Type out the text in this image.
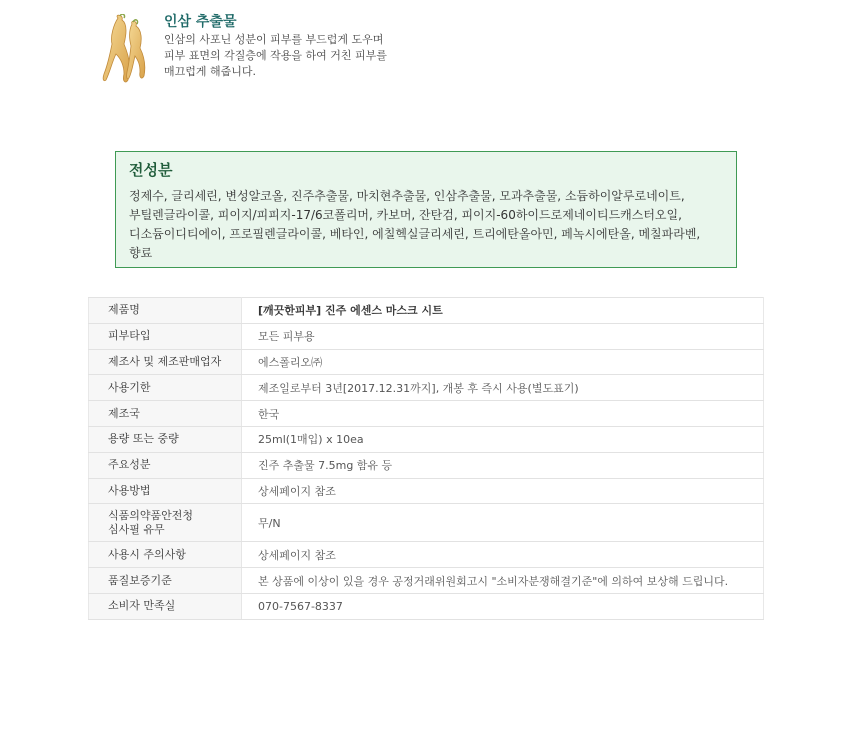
인삼 추출물
인삼의 사포닌 성분이 피부를 부드럽게 도우며
피부 표면의 각질층에 작용을 하여 거친 피부를
매끄럽게 해줍니다.
전성분
정제수, 글리세린, 변성알코올, 진주추출물, 마치현추출물, 인삼추출물, 모과추출물, 소듐하이알루로네이트,
부틸렌글라이콜, 피이지/피피지-17/6코폴리머, 카보머, 잔탄검, 피이지-60하이드로제네이티드캐스터오일,
디소듐이디티에이, 프로필렌글라이콜, 베타인, 에칠헥실글리세린, 트리에탄올아민, 페녹시에탄올, 메칠파라벤,
향료
제품명	[깨끗한피부] 진주 에센스 마스크 시트

피부타입	모든 피부용

제조사 및 제조판매업자	에스폴리오㈜

사용기한	제조일로부터 3년[2017.12.31까지], 개봉 후 즉시 사용(별도표기)

제조국	한국

용량 또는 중량	25ml(1매입) x 10ea

주요성분	진주 추출물 7.5mg 함유 등

사용방법	상세페이지 참조

식품의약품안전청
심사필 유무	무/N

사용시 주의사항	상세페이지 참조

품질보증기준	본 상품에 이상이 있을 경우 공정거래위원회고시 "소비자분쟁해결기준"에 의하여 보상해 드립니다.

소비자 만족실	070-7567-8337
